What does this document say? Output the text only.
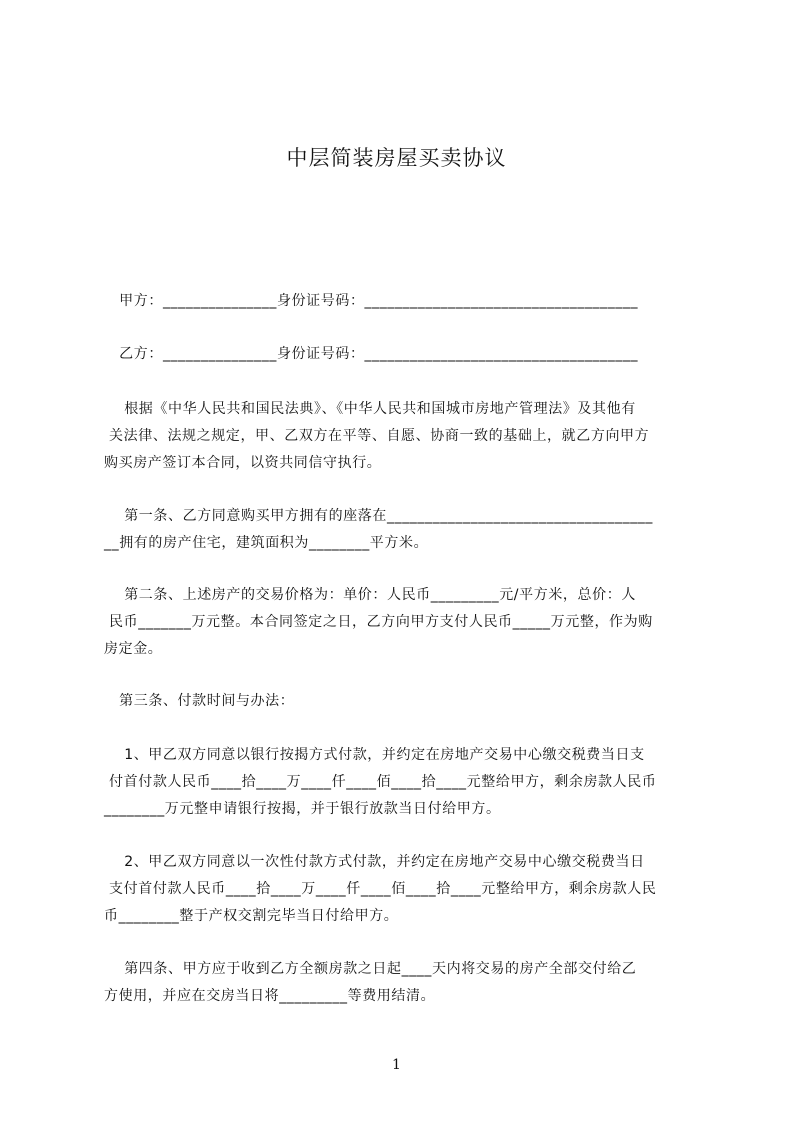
中层简装房屋买卖协议
甲方：_______________身份证号码：____________________________________
乙方：_______________身份证号码：____________________________________
根据《中华人民共和国民法典》、《中华人民共和国城市房地产管理法》及其他有
关法律、法规之规定，甲、乙双方在平等、自愿、协商一致的基础上，就乙方向甲方
购买房产签订本合同，以资共同信守执行。
第一条、乙方同意购买甲方拥有的座落在___________________________________
__拥有的房产住宅，建筑面积为________平方米。
第二条、上述房产的交易价格为：单价：人民币_________元/平方米，总价：人
民币_______万元整。本合同签定之日，乙方向甲方支付人民币_____万元整，作为购
房定金。
第三条、付款时间与办法：
1、甲乙双方同意以银行按揭方式付款，并约定在房地产交易中心缴交税费当日支
付首付款人民币____拾____万____仟____佰____拾____元整给甲方，剩余房款人民币
________万元整申请银行按揭，并于银行放款当日付给甲方。
2、甲乙双方同意以一次性付款方式付款，并约定在房地产交易中心缴交税费当日
支付首付款人民币____拾____万____仟____佰____拾____元整给甲方，剩余房款人民
币________整于产权交割完毕当日付给甲方。
第四条、甲方应于收到乙方全额房款之日起____天内将交易的房产全部交付给乙
方使用，并应在交房当日将_________等费用结清。
1
